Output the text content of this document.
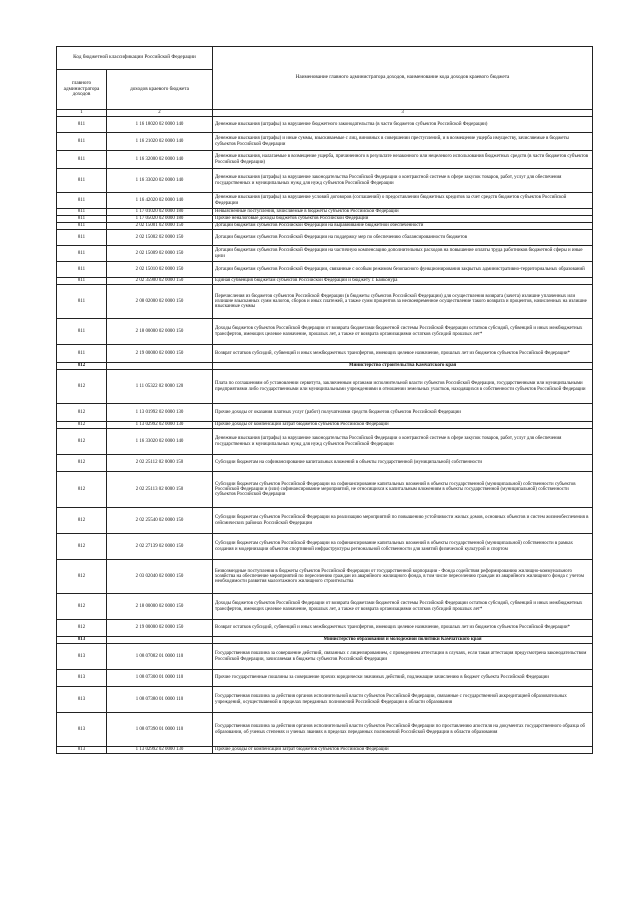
Код бюджетной классификации Российской Федерации		Наименование главного администратора доходов, наименование кода доходов краевого бюджета
главного администратора доходов	доходов краевого бюджета	
1	2	3
811	1 16 18020 02 0000 140	Денежные взыскания (штрафы) за нарушение бюджетного законодательства (в части бюджетов субъектов Российской Федерации)
811	1 16 21020 02 0000 140	Денежные взыскания (штрафы) и иные суммы, взыскиваемые с лиц, виновных в совершении преступлений, и в возмещение ущерба имуществу, зачисляемые в бюджеты субъектов Российской Федерации
811	1 16 32000 02 0000 140	Денежные взыскания, налагаемые в возмещение ущерба, причиненного в результате незаконного или нецелевого использования бюджетных средств (в части бюджетов субъектов Российской Федерации)
811	1 16 33020 02 0000 140	Денежные взыскания (штрафы) за нарушение законодательства Российской Федерации о контрактной системе в сфере закупок товаров, работ, услуг для обеспечения государственных и муниципальных нужд для нужд субъектов Российской Федерации
811	1 16 42020 02 0000 140	Денежные взыскания (штрафы) за нарушение условий договоров (соглашений) о предоставлении бюджетных кредитов за счет средств бюджетов субъектов Российской Федерации
811	1 17 01020 02 0000 180	Невыясненные поступления, зачисляемые в бюджеты субъектов Российской Федерации
811	1 17 05020 02 0000 180	Прочие неналоговые доходы бюджетов субъектов Российской Федерации
811	2 02 15001 02 0000 150	Дотации бюджетам субъектов Российской Федерации на выравнивание бюджетной обеспеченности
811	2 02 15002 02 0000 150	Дотации бюджетам субъектов Российской Федерации на поддержку мер по обеспечению сбалансированности бюджетов
811	2 02 15009 02 0000 150	Дотации бюджетам субъектов Российской Федерации на частичную компенсацию дополнительных расходов на повышение оплаты труда работников бюджетной сферы и иные цели
811	2 02 15010 02 0000 150	Дотации бюджетам субъектов Российской Федерации, связанные с особым режимом безопасного функционирования закрытых административно-территориальных образований
811	2 02 35900 02 0000 150	Единая субвенция бюджетам субъектов Российской Федерации и бюджету г. Байконура
811	2 08 02000 02 0000 150	Перечисления из бюджетов субъектов Российской Федерации (в бюджеты субъектов Российской Федерации) для осуществления возврата (зачета) излишне уплаченных или излишне взысканных сумм налогов, сборов и иных платежей, а также сумм процентов за несвоевременное осуществление такого возврата и процентов, начисленных на излишне взысканные суммы
811	2 18 00000 02 0000 150	Доходы бюджетов субъектов Российской Федерации от возврата бюджетами бюджетной системы Российской Федерации остатков субсидий, субвенций и иных межбюджетных трансфертов, имеющих целевое назначение, прошлых лет, а также от возврата организациями остатков субсидий прошлых лет*
811	2 19 00000 02 0000 150	Возврат остатков субсидий, субвенций и иных межбюджетных трансфертов, имеющих целевое назначение, прошлых лет из бюджетов субъектов Российской Федерации*
812		Министерство строительства Камчатского края
812	1 11 05322 02 0000 120	Плата по соглашениям об установлении сервитута, заключенным органами исполнительной власти субъектов Российской Федерации, государственными или муниципальными предприятиями либо государственными или муниципальными учреждениями в отношении земельных участков, находящихся в собственности субъектов Российской Федерации
812	1 13 01992 02 0000 130	Прочие доходы от оказания платных услуг (работ) получателями средств бюджетов субъектов Российской Федерации
812	1 13 02992 02 0000 130	Прочие доходы от компенсации затрат бюджетов субъектов Российской Федерации
812	1 16 33020 02 0000 140	Денежные взыскания (штрафы) за нарушение законодательства Российской Федерации о контрактной системе в сфере закупок товаров, работ, услуг для обеспечения государственных и муниципальных нужд для нужд субъектов Российской Федерации
812	2 02 25112 02 0000 150	Субсидии бюджетам на софинансирование капитальных вложений в объекты государственной (муниципальной) собственности
812	2 02 25113 02 0000 150	Субсидии бюджетам субъектов Российской Федерации на софинансирование капитальных вложений в объекты государственной (муниципальной) собственности субъектов Российской Федерации и (или) софинансирование мероприятий, не относящихся к капитальным вложениям в объекты государственной (муниципальной) собственности субъектов Российской Федерации
812	2 02 25540 02 0000 150	Субсидии бюджетам субъектов Российской Федерации на реализацию мероприятий по повышению устойчивости жилых домов, основных объектов и систем жизнеобеспечения в сейсмических районах Российской Федерации
812	2 02 27139 02 0000 150	Субсидии бюджетам субъектов Российской Федерации на софинансирование капитальных вложений в объекты государственной (муниципальной) собственности в рамках создания и модернизации объектов спортивной инфраструктуры региональной собственности для занятий физической культурой и спортом
812	2 03 02040 02 0000 150	Безвозмездные поступления в бюджеты субъектов Российской Федерации от государственной корпорации - Фонда содействия реформированию жилищно-коммунального хозяйства на обеспечение мероприятий по переселению граждан из аварийного жилищного фонда, в том числе переселению граждан из аварийного жилищного фонда с учетом необходимости развития малоэтажного жилищного строительства
812	2 18 00000 02 0000 150	Доходы бюджетов субъектов Российской Федерации от возврата бюджетами бюджетной системы Российской Федерации остатков субсидий, субвенций и иных межбюджетных трансфертов, имеющих целевое назначение, прошлых лет, а также от возврата организациями остатков субсидий прошлых лет*
812	2 19 00000 02 0000 150	Возврат остатков субсидий, субвенций и иных межбюджетных трансфертов, имеющих целевое назначение, прошлых лет из бюджетов субъектов Российской Федерации*
813		Министерство образования и молодежной политики Камчатского края
813	1 08 07082 01 0000 110	Государственная пошлина за совершение действий, связанных с лицензированием, с проведением аттестации в случаях, если такая аттестация предусмотрена законодательством Российской Федерации, зачисляемая в бюджеты субъектов Российской Федерации
813	1 08 07300 01 0000 110	Прочие государственные пошлины за совершение прочих юридически значимых действий, подлежащие зачислению в бюджет субъекта Российской Федерации
813	1 08 07380 01 0000 110	Государственная пошлина за действия органов исполнительной власти субъектов Российской Федерации, связанные с государственной аккредитацией образовательных учреждений, осуществляемой в пределах переданных полномочий Российской Федерации в области образования
813	1 08 07390 01 0000 110	Государственная пошлина за действия органов исполнительной власти субъектов Российской Федерации по проставлению апостиля на документах государственного образца об образовании, об ученых степенях и ученых званиях в пределах переданных полномочий Российской Федерации в области образования
813	1 13 02992 02 0000 130	Прочие доходы от компенсации затрат бюджетов субъектов Российской Федерации
